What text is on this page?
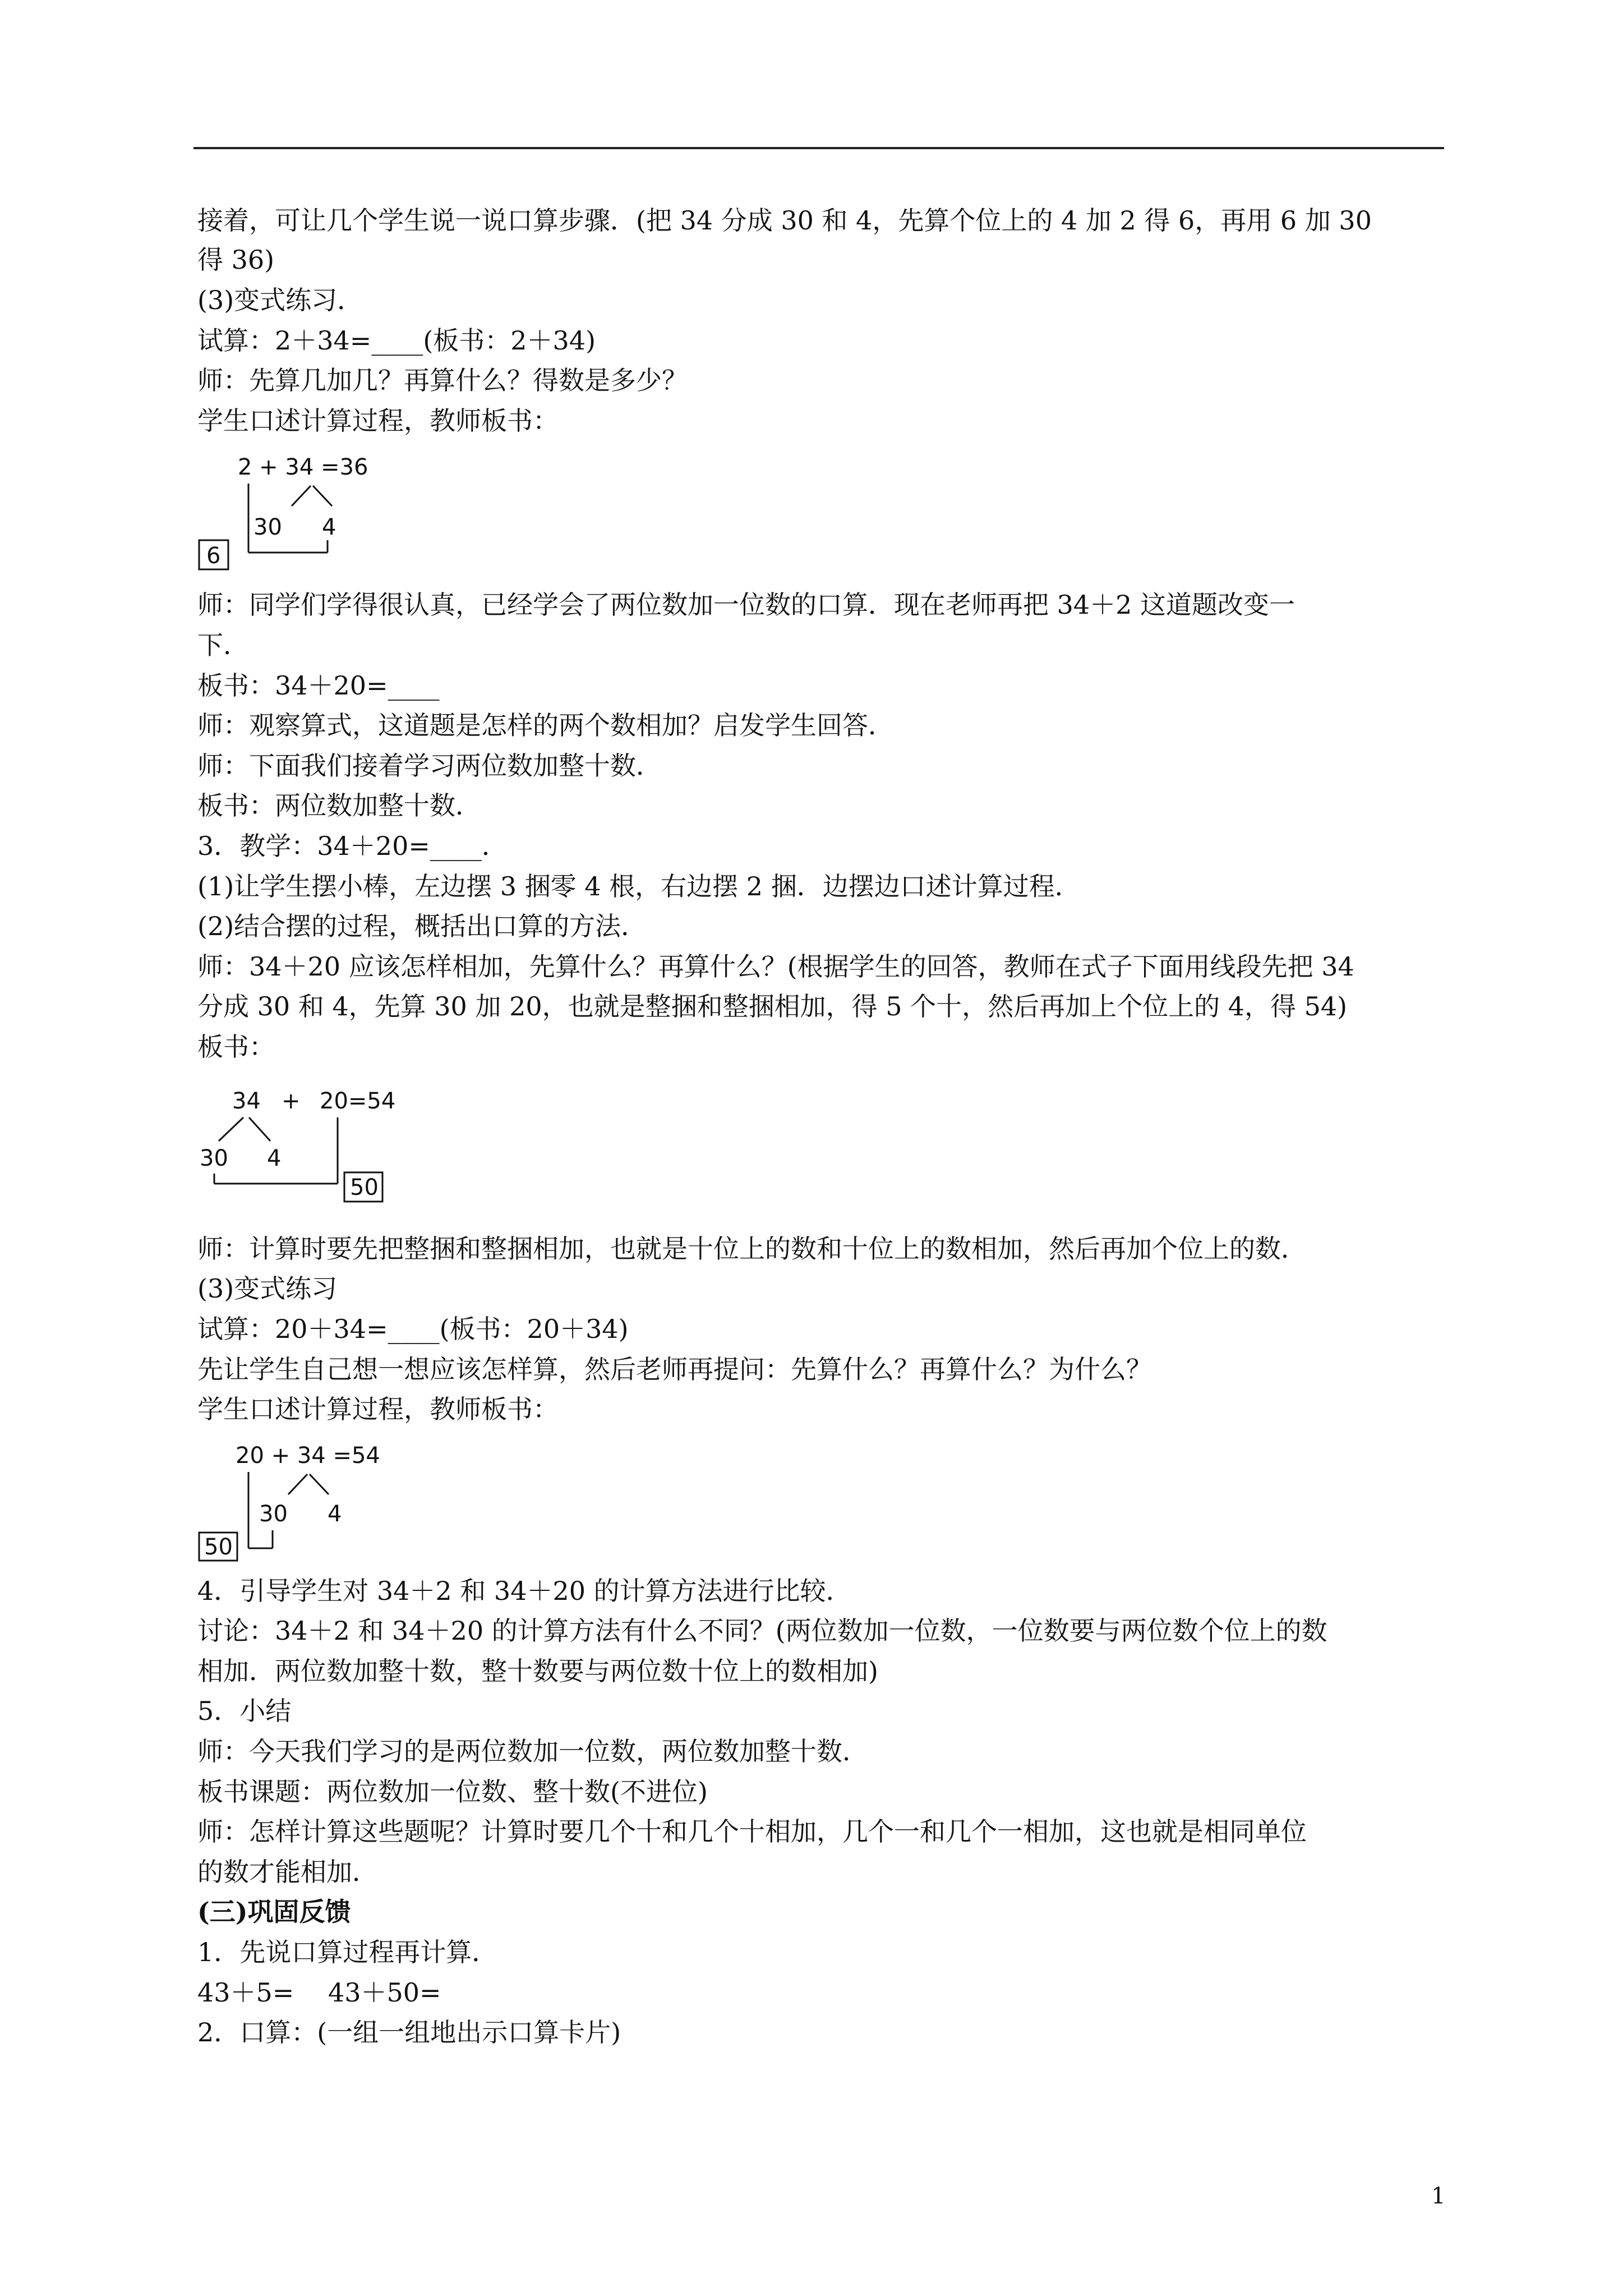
接着，可让几个学生说一说口算步骤．(把 34 分成 30 和 4，先算个位上的 4 加 2 得 6，再用 6 加 30
得 36)
(3)变式练习．
试算：2＋34=____(板书：2＋34)
师：先算几加几？再算什么？得数是多少？
学生口述计算过程，教师板书：
2 + 34 =36
30 4
6
师：同学们学得很认真，已经学会了两位数加一位数的口算．现在老师再把 34＋2 这道题改变一
下．
板书：34＋20=____
师：观察算式，这道题是怎样的两个数相加？启发学生回答．
师：下面我们接着学习两位数加整十数．
板书：两位数加整十数．
3．教学：34＋20=____．
(1)让学生摆小棒，左边摆 3 捆零 4 根，右边摆 2 捆．边摆边口述计算过程．
(2)结合摆的过程，概括出口算的方法．
师：34＋20 应该怎样相加，先算什么？再算什么？(根据学生的回答，教师在式子下面用线段先把 34
分成 30 和 4，先算 30 加 20，也就是整捆和整捆相加，得 5 个十，然后再加上个位上的 4，得 54)
板书：
34 + 20=54
30 4
50
师：计算时要先把整捆和整捆相加，也就是十位上的数和十位上的数相加，然后再加个位上的数．
(3)变式练习
试算：20＋34=____(板书：20＋34)
先让学生自己想一想应该怎样算，然后老师再提问：先算什么？再算什么？为什么？
学生口述计算过程，教师板书：
20 + 34 =54
30 4
50
4．引导学生对 34＋2 和 34＋20 的计算方法进行比较．
讨论：34＋2 和 34＋20 的计算方法有什么不同？(两位数加一位数，一位数要与两位数个位上的数
相加．两位数加整十数，整十数要与两位数十位上的数相加)
5．小结
师：今天我们学习的是两位数加一位数，两位数加整十数．
板书课题：两位数加一位数、整十数(不进位)
师：怎样计算这些题呢？计算时要几个十和几个十相加，几个一和几个一相加，这也就是相同单位
的数才能相加．
(三)巩固反馈
1．先说口算过程再计算．
43＋5=　 43＋50=
2．口算：(一组一组地出示口算卡片)
1
